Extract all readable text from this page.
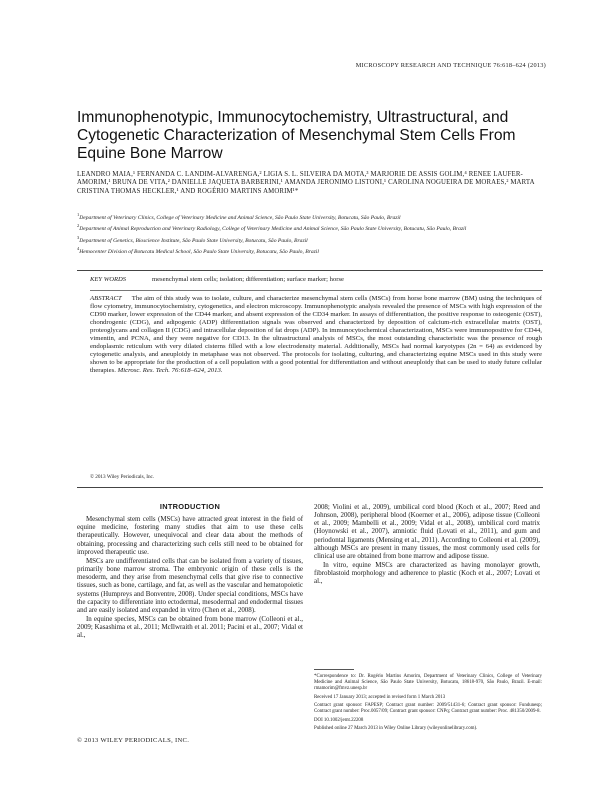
MICROSCOPY RESEARCH AND TECHNIQUE 76:618–624 (2013)
Immunophenotypic, Immunocytochemistry, Ultrastructural, and Cytogenetic Characterization of Mesenchymal Stem Cells From Equine Bone Marrow

LEANDRO MAIA,¹ FERNANDA C. LANDIM-ALVARENGA,² LIGIA S. L. SILVEIRA DA MOTA,³ MARJORIE DE ASSIS GOLIM,⁴ RENEE LAUFER-AMORIM,¹ BRUNA DE VITA,² DANIELLE JAQUETA BARBERINI,¹ AMANDA JERONIMO LISTONI,¹ CAROLINA NOGUEIRA DE MORAES,² MARTA CRISTINA THOMAS HECKLER,¹ AND ROGÉRIO MARTINS AMORIM¹*

$^1$Department of Veterinary Clinics, College of Veterinary Medicine and Animal Science, São Paulo State University, Botucatu, São Paulo, Brazil

$^2$Department of Animal Reproduction and Veterinary Radiology, College of Veterinary Medicine and Animal Science, São Paulo State University, Botucatu, São Paulo, Brazil

$^3$Department of Genetics, Bioscience Institute, São Paulo State University, Botucatu, São Paulo, Brazil

$^4$Hemocenter Division of Botucatu Medical School, São Paulo State University, Botucatu, São Paulo, Brazil

KEY WORDS	mesenchymal stem cells; isolation; differentiation; surface marker; horse
ABSTRACT The aim of this study was to isolate, culture, and characterize mesenchymal stem cells (MSCs) from horse bone marrow (BM) using the techniques of flow cytometry, immunocytochemistry, cytogenetics, and electron microscopy. Immunophenotypic analysis revealed the presence of MSCs with high expression of the CD90 marker, lower expression of the CD44 marker, and absent expression of the CD34 marker. In assays of differentiation, the positive response to osteogenic (OST), chondrogenic (CDG), and adipogenic (ADP) differentiation signals was observed and characterized by deposition of calcium-rich extracellular matrix (OST), proteoglycans and collagen II (CDG) and intracellular deposition of fat drops (ADP). In immunocytochemical characterization, MSCs were immunopositive for CD44, vimentin, and PCNA, and they were negative for CD13. In the ultrastructural analysis of MSCs, the most outstanding characteristic was the presence of rough endoplasmic reticulum with very dilated cisterns filled with a low electrodensity material. Additionally, MSCs had normal karyotypes (2n = 64) as evidenced by cytogenetic analysis, and aneuploidy in metaphase was not observed. The protocols for isolating, culturing, and characterizing equine MSCs used in this study were shown to be appropriate for the production of a cell population with a good potential for differentiation and without aneuploidy that can be used to study future cellular therapies. Microsc. Res. Tech. 76:618–624, 2013.
© 2013 Wiley Periodicals, Inc.
INTRODUCTION

Mesenchymal stem cells (MSCs) have attracted great interest in the field of equine medicine, fostering many studies that aim to use these cells therapeutically. However, unequivocal and clear data about the methods of obtaining, processing and characterizing such cells still need to be obtained for improved therapeutic use.

MSCs are undifferentiated cells that can be isolated from a variety of tissues, primarily bone marrow stroma. The embryonic origin of these cells is the mesoderm, and they arise from mesenchymal cells that give rise to connective tissues, such as bone, cartilage, and fat, as well as the vascular and hematopoietic systems (Humpreys and Bonventre, 2008). Under special conditions, MSCs have the capacity to differentiate into ectodermal, mesodermal and endodermal tissues and are easily isolated and expanded in vitro (Chen et al., 2008).

In equine species, MSCs can be obtained from bone marrow (Colleoni et al., 2009; Kasashima et al., 2011; McIlwraith et al. 2011; Pacini et al., 2007; Vidal et al.,

2008; Violini et al., 2009), umbilical cord blood (Koch et al., 2007; Reed and Johnson, 2008), peripheral blood (Koerner et al., 2006), adipose tissue (Colleoni et al., 2009; Mambelli et al., 2009; Vidal et al., 2008), umbilical cord matrix (Hoynowski et al., 2007), amniotic fluid (Lovati et al., 2011), and gum and periodontal ligaments (Mensing et al., 2011). According to Colleoni et al. (2009), although MSCs are present in many tissues, the most commonly used cells for clinical use are obtained from bone marrow and adipose tissue.

In vitro, equine MSCs are characterized as having monolayer growth, fibroblastoid morphology and adherence to plastic (Koch et al., 2007; Lovati et al.,

*Correspondence to: Dr. Rogério Martins Amorim, Department of Veterinary Clinics, College of Veterinary Medicine and Animal Science, São Paulo State University, Botucatu, 18618-970, São Paulo, Brazil. E-mail: rmamorim@fmvz.unesp.br

Received 17 January 2013; accepted in revised form 1 March 2013

Contract grant sponsor: FAPESP; Contract grant number: 2009/51431-6; Contract grant sponsor: Fundunesp; Contract grant number: Proc.0057/09; Contract grant sponsor: CNPq; Contract grant number: Proc. 481350/2009-8.

DOI 10.1002/jemt.22208

Published online 27 March 2013 in Wiley Online Library (wileyonlinelibrary.com).

© 2013 WILEY PERIODICALS, INC.
